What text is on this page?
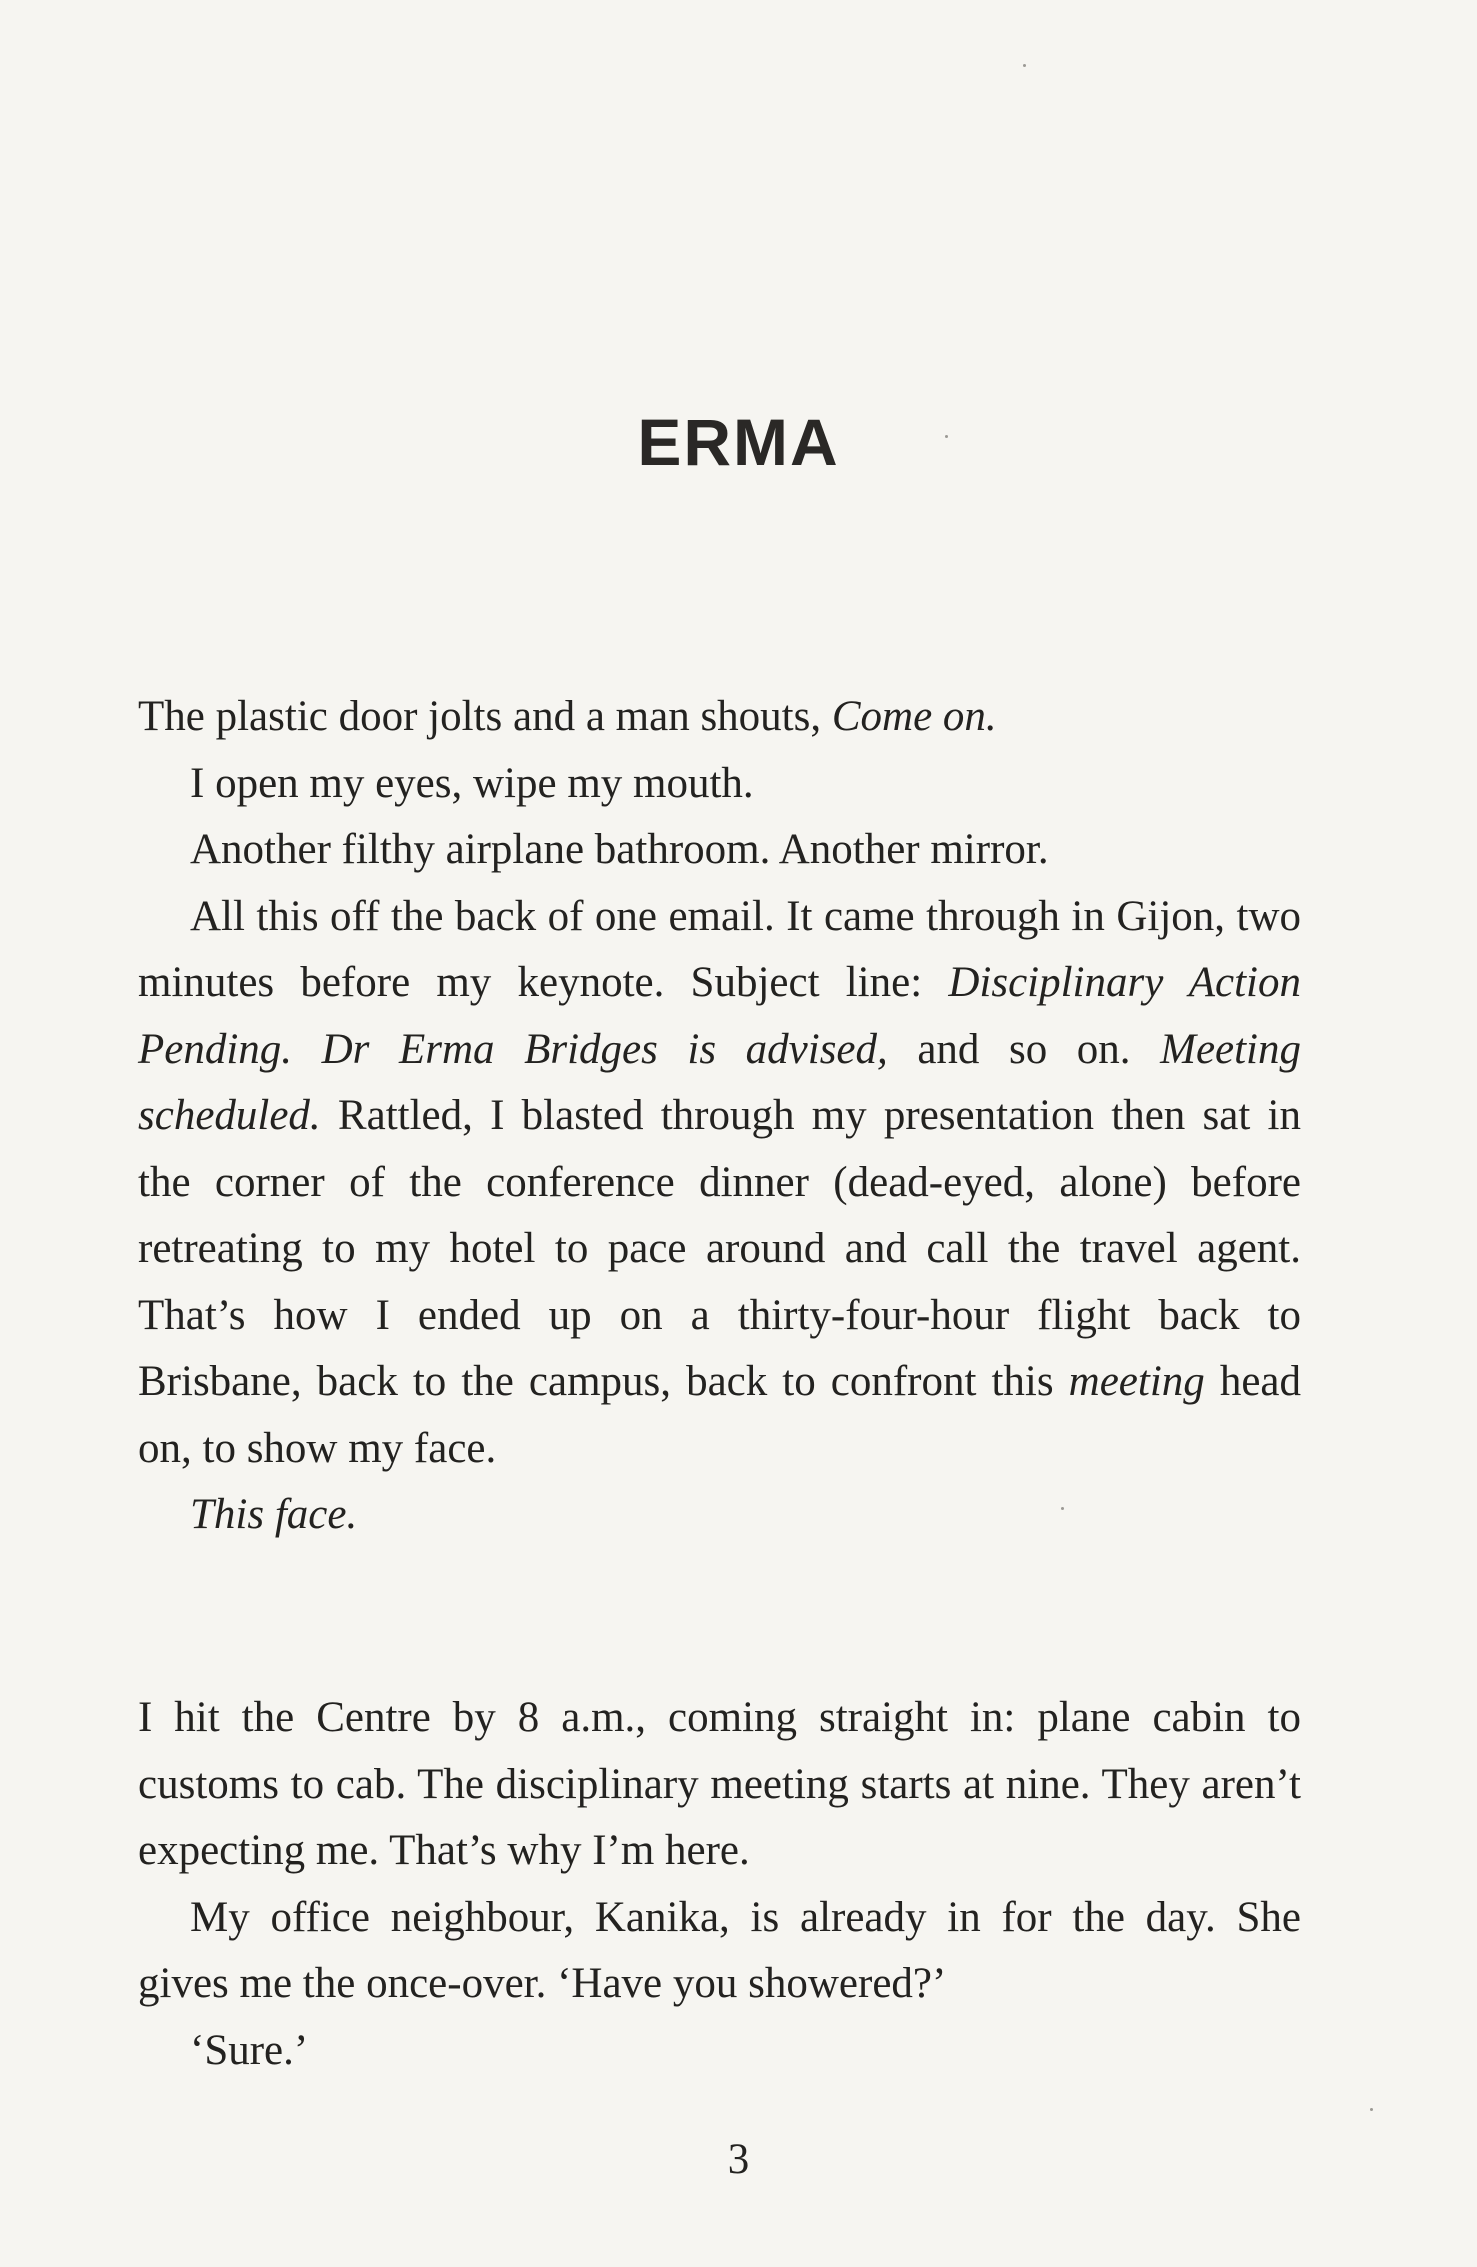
ERMA

The plastic door jolts and a man shouts, Come on.

I open my eyes, wipe my mouth.

Another filthy airplane bathroom. Another mirror.

All this off the back of one email. It came through in Gijon, two minutes before my keynote. Subject line: Disciplinary Action Pending. Dr Erma Bridges is advised, and so on. Meeting scheduled. Rattled, I blasted through my presentation then sat in the corner of the conference dinner (dead-eyed, alone) before retreating to my hotel to pace around and call the travel agent. That’s how I ended up on a thirty-four-hour flight back to Brisbane, back to the campus, back to confront this meeting head on, to show my face.

This face.

I hit the Centre by 8 a.m., coming straight in: plane cabin to customs to cab. The disciplinary meeting starts at nine. They aren’t expecting me. That’s why I’m here.

My office neighbour, Kanika, is already in for the day. She gives me the once-over. ‘Have you showered?’

‘Sure.’

3
